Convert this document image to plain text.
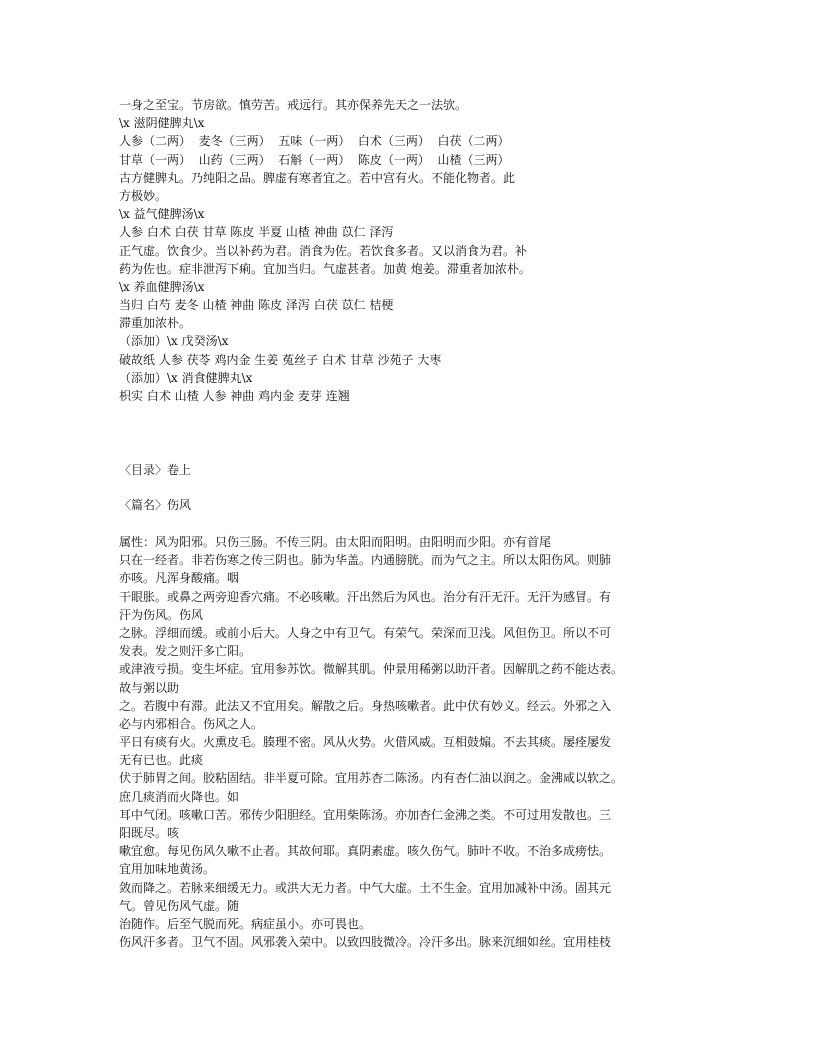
一身之至宝。节房欲。慎劳苦。戒远行。其亦保养先天之一法欤。
\x 滋阴健脾丸\x
人参（二两）  麦冬（三两）  五味（一两）  白术（三两）  白茯（二两）
甘草（一两）  山药（三两）  石斛（一两）  陈皮（一两）  山楂（三两）
古方健脾丸。乃纯阳之品。脾虚有寒者宜之。若中宫有火。不能化物者。此
方极妙。
\x 益气健脾汤\x
人参 白术 白茯 甘草 陈皮 半夏 山楂 神曲 苡仁 泽泻
正气虚。饮食少。当以补药为君。消食为佐。若饮食多者。又以消食为君。补
药为佐也。症非泄泻下痢。宜加当归。气虚甚者。加黄 炮姜。滞重者加浓朴。
\x 养血健脾汤\x
当归 白芍 麦冬 山楂 神曲 陈皮 泽泻 白茯 苡仁 桔梗
滞重加浓朴。
（添加）\x 戊癸汤\x
破故纸 人参 茯苓 鸡内金 生姜 菟丝子 白术 甘草 沙苑子 大枣
（添加）\x 消食健脾丸\x
枳实 白术 山楂 人参 神曲 鸡内金 麦芽 连翘
〈目录〉卷上
〈篇名〉伤风
属性：风为阳邪。只伤三肠。不传三阴。由太阳而阳明。由阳明而少阳。亦有首尾
只在一经者。非若伤寒之传三阴也。肺为华盖。内通膀胱。而为气之主。所以太阳伤风。则肺
亦咳。凡浑身酸痛。咽
干眼胀。或鼻之两旁迎香穴痛。不必咳嗽。汗出然后为风也。治分有汗无汗。无汗为感冒。有
汗为伤风。伤风
之脉。浮细而缓。或前小后大。人身之中有卫气。有荣气。荣深而卫浅。风但伤卫。所以不可
发表。发之则汗多亡阳。
或津液亏损。变生坏症。宜用参苏饮。微解其肌。仲景用稀粥以助汗者。因解肌之药不能达表。
故与粥以助
之。若腹中有滞。此法又不宜用矣。解散之后。身热咳嗽者。此中伏有妙义。经云。外邪之入
必与内邪相合。伤风之人。
平日有痰有火。火熏皮毛。腠理不密。风从火势。火借风威。互相鼓煽。不去其痰。屡痊屡发
无有已也。此痰
伏于肺胃之间。胶粘固结。非半夏可除。宜用苏杏二陈汤。内有杏仁油以润之。金沸咸以软之。
庶几痰消而火降也。如
耳中气闭。咳嗽口苦。邪传少阳胆经。宜用柴陈汤。亦加杏仁金沸之类。不可过用发散也。三
阳既尽。咳
嗽宜愈。每见伤风久嗽不止者。其故何耶。真阴素虚。咳久伤气。肺叶不收。不治多成痨怯。
宜用加味地黄汤。
敛而降之。若脉来细缓无力。或洪大无力者。中气大虚。土不生金。宜用加减补中汤。固其元
气。曾见伤风气虚。随
治随作。后至气脱而死。病症虽小。亦可畏也。
伤风汗多者。卫气不固。风邪袭入荣中。以致四肢微冷。冷汗多出。脉来沉细如丝。宜用桂枝
